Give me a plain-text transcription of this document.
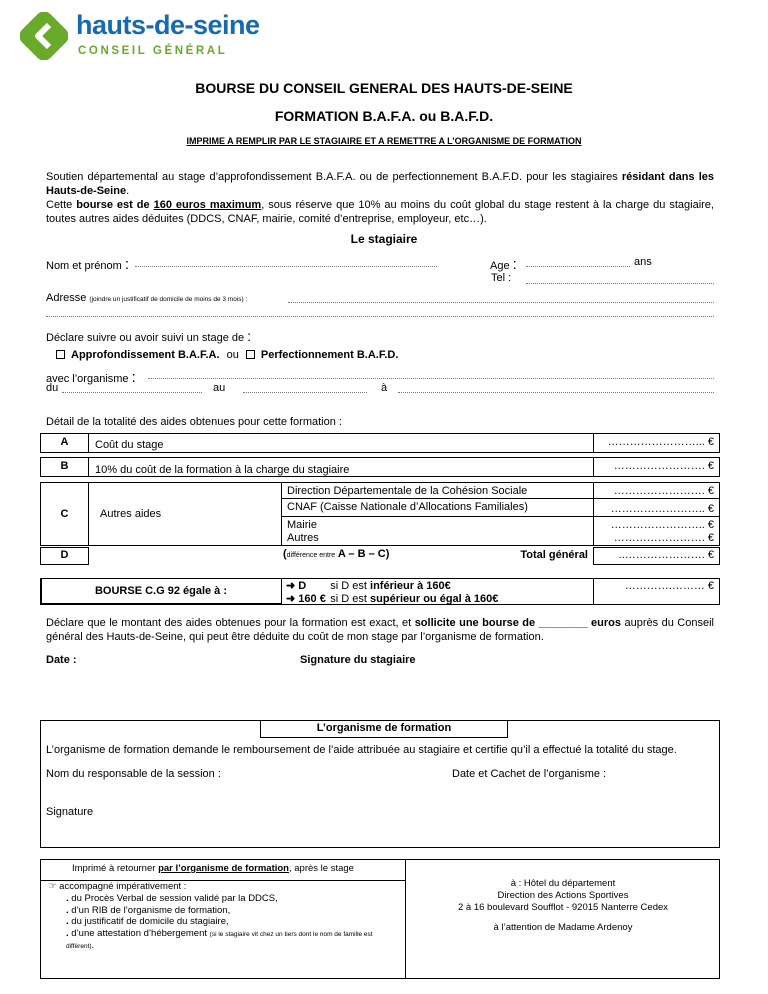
hauts-de-seine
CONSEIL GÉNÉRAL
BOURSE DU CONSEIL GENERAL DES HAUTS-DE-SEINE
FORMATION B.A.F.A. ou B.A.F.D.
IMPRIME A REMPLIR PAR LE STAGIAIRE ET A REMETTRE A L’ORGANISME DE FORMATION
Soutien départemental au stage d’approfondissement B.A.F.A. ou de perfectionnement B.A.F.D. pour les stagiaires résidant dans les Hauts-de-Seine.
Cette bourse est de 160 euros maximum, sous réserve que 10% au moins du coût global du stage restent à la charge du stagiaire, toutes autres aides déduites (DDCS, CNAF, mairie, comité d’entreprise, employeur, etc…).
Le stagiaire
Nom et prénom :	Age :	ans
Tel :
Adresse (joindre un justificatif de domicile de moins de 3 mois) :
Déclare suivre ou avoir suivi un stage de :
Approfondissement B.A.F.A. ou Perfectionnement B.A.F.D.
avec l’organisme :
du	au	à
Détail de la totalité des aides obtenues pour cette formation :
A	Coût du stage	……………………... €
B	10% du coût de la formation à la charge du stagiaire	……………………. €
C	Autres aides
Direction Départementale de la Cohésion Sociale	……………………. €
CNAF (Caisse Nationale d’Allocations Familiales)	…………………….. €
Mairie	…………………….. €
Autres	……………………. €
D	(différence entre A – B – C)	Total général	..…………………. €
BOURSE C.G 92 égale à :	➜ D si D est inférieur à 160€
➜ 160 € si D est supérieur ou égal à 160€
………….……… €
Déclare que le montant des aides obtenues pour la formation est exact, et sollicite une bourse de ________ euros auprès du Conseil général des Hauts-de-Seine, qui peut être déduite du coût de mon stage par l’organisme de formation.
Date :	Signature du stagiaire
L’organisme de formation
L’organisme de formation demande le remboursement de l’aide attribuée au stagiaire et certifie qu’il a effectué la totalité du stage.
Nom du responsable de la session :	Date et Cachet de l’organisme :
Signature
Imprimé à retourner par l’organisme de formation, après le stage
☞ accompagné impérativement :
. du Procès Verbal de session validé par la DDCS,
. d’un RIB de l’organisme de formation,
. du justificatif de domicile du stagiaire,
. d’une attestation d’hébergement (si le stagiaire vit chez un tiers dont le nom de famille est différent).
à : Hôtel du département
Direction des Actions Sportives
2 à 16 boulevard Soufflot - 92015 Nanterre Cedex
à l’attention de Madame Ardenoy
